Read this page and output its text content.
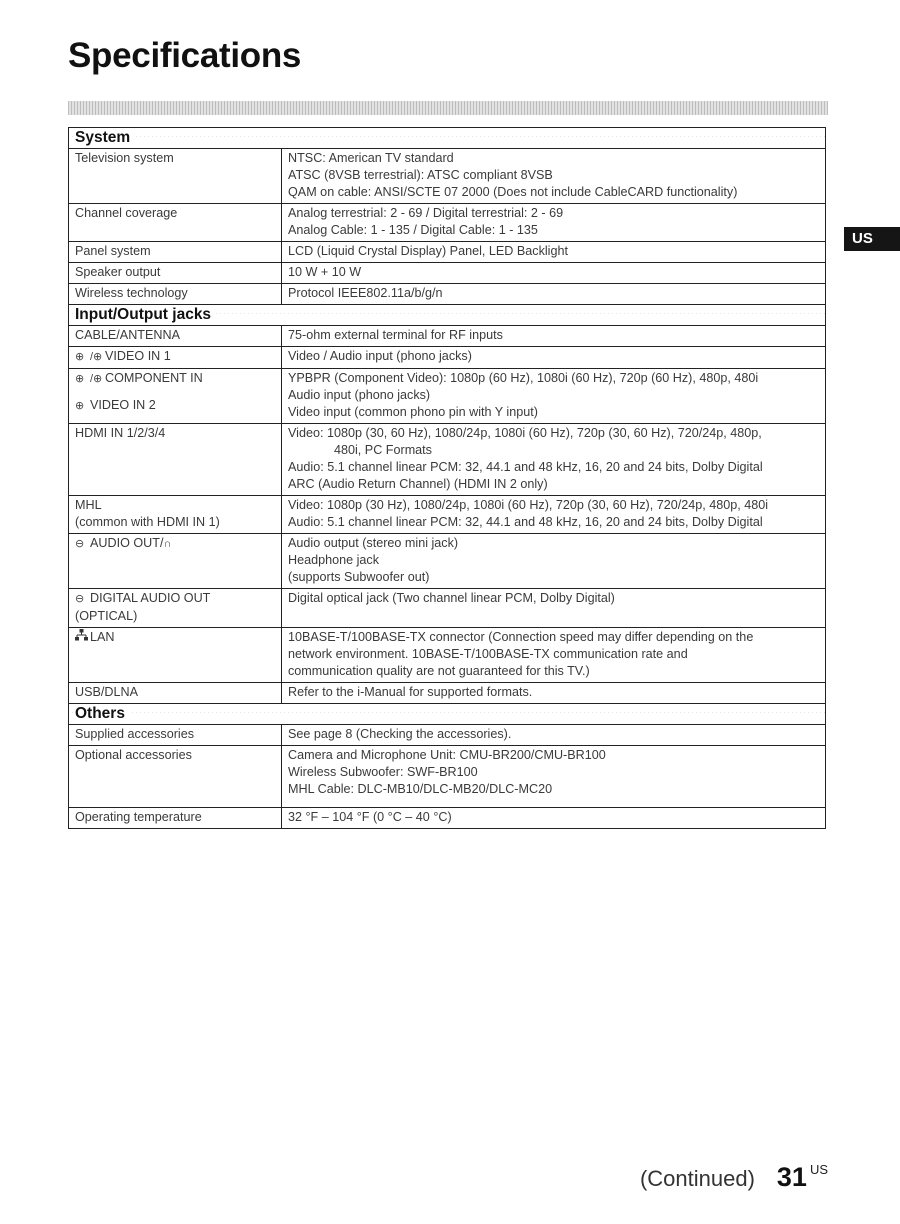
Specifications
US
System	
Television system	NTSC: American TV standard
ATSC (8VSB terrestrial): ATSC compliant 8VSB
QAM on cable: ANSI/SCTE 07 2000 (Does not include CableCARD functionality)

Channel coverage	Analog terrestrial: 2 - 69 / Digital terrestrial: 2 - 69
Analog Cable: 1 - 135 / Digital Cable: 1 - 135

Panel system	LCD (Liquid Crystal Display) Panel, LED Backlight

Speaker output	10 W + 10 W

Wireless technology	Protocol IEEE802.11a/b/g/n

Input/Output jacks	
CABLE/ANTENNA	75-ohm external terminal for RF inputs
⊕ /⊕ VIDEO IN 1	Video / Audio input (phono jacks)

⊕ /⊕ COMPONENT IN
⊕ VIDEO IN 2	YPBPR (Component Video): 1080p (60 Hz), 1080i (60 Hz), 720p (60 Hz), 480p, 480i
Audio input (phono jacks)
Video input (common phono pin with Y input)

HDMI IN 1/2/3/4	Video: 1080p (30, 60 Hz), 1080/24p, 1080i (60 Hz), 720p (30, 60 Hz), 720/24p, 480p,
480i, PC Formats
Audio: 5.1 channel linear PCM: 32, 44.1 and 48 kHz, 16, 20 and 24 bits, Dolby Digital
ARC (Audio Return Channel) (HDMI IN 2 only)

MHL
(common with HDMI IN 1)	Video: 1080p (30 Hz), 1080/24p, 1080i (60 Hz), 720p (30, 60 Hz), 720/24p, 480p, 480i
Audio: 5.1 channel linear PCM: 32, 44.1 and 48 kHz, 16, 20 and 24 bits, Dolby Digital

⊖ AUDIO OUT/∩	Audio output (stereo mini jack)
Headphone jack
(supports Subwoofer out)

⊖ DIGITAL AUDIO OUT
(OPTICAL)	Digital optical jack (Two channel linear PCM, Dolby Digital)
LAN	10BASE-T/100BASE-TX connector (Connection speed may differ depending on the
network environment. 10BASE-T/100BASE-TX communication rate and
communication quality are not guaranteed for this TV.)

USB/DLNA	Refer to the i-Manual for supported formats.
Others	
Supplied accessories	See page 8 (Checking the accessories).

Optional accessories	Camera and Microphone Unit: CMU-BR200/CMU-BR100
Wireless Subwoofer: SWF-BR100
MHL Cable: DLC-MB10/DLC-MB20/DLC-MC20

Operating temperature	32 °F – 104 °F (0 °C – 40 °C)
(Continued) 31 $^{US}$
